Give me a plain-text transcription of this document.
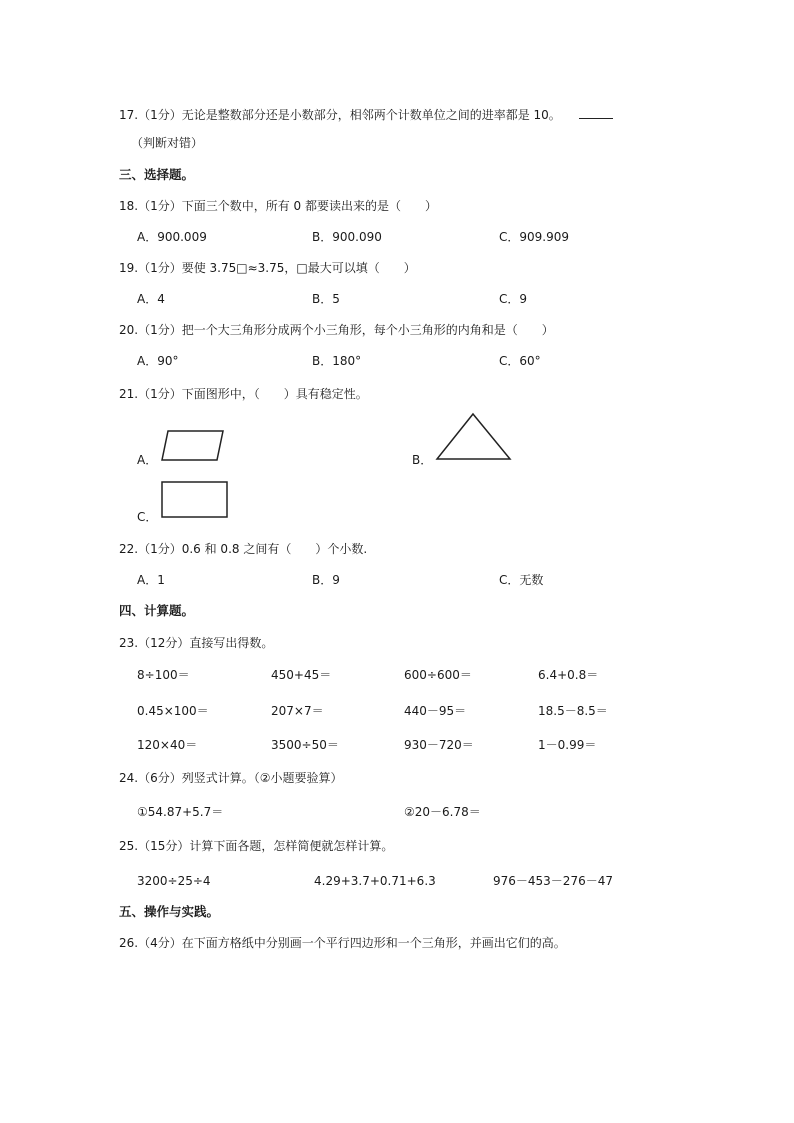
17.（1分）无论是整数部分还是小数部分，相邻两个计数单位之间的进率都是 10。
（判断对错）
三、选择题。
18.（1分）下面三个数中，所有 0 都要读出来的是（　　）
A．900.009	B．900.090	C．909.909
19.（1分）要使 3.75□≈3.75，□最大可以填（　　）
A．4	B．5	C．9
20.（1分）把一个大三角形分成两个小三角形，每个小三角形的内角和是（　　）
A．90°	B．180°	C．60°
21.（1分）下面图形中，（　　）具有稳定性。
A．	B．
C．
22.（1分）0.6 和 0.8 之间有（　　）个小数.
A．1	B．9	C．无数
四、计算题。
23.（12分）直接写出得数。
8÷100＝	450+45＝	600÷600＝	6.4+0.8＝
0.45×100＝	207×7＝	440－95＝	18.5－8.5＝
120×40＝	3500÷50＝	930－720＝	1－0.99＝
24.（6分）列竖式计算。（②小题要验算）
①54.87+5.7＝	②20－6.78＝
25.（15分）计算下面各题，怎样简便就怎样计算。
3200÷25÷4	4.29+3.7+0.71+6.3	976－453－276－47
五、操作与实践。
26.（4分）在下面方格纸中分别画一个平行四边形和一个三角形，并画出它们的高。
